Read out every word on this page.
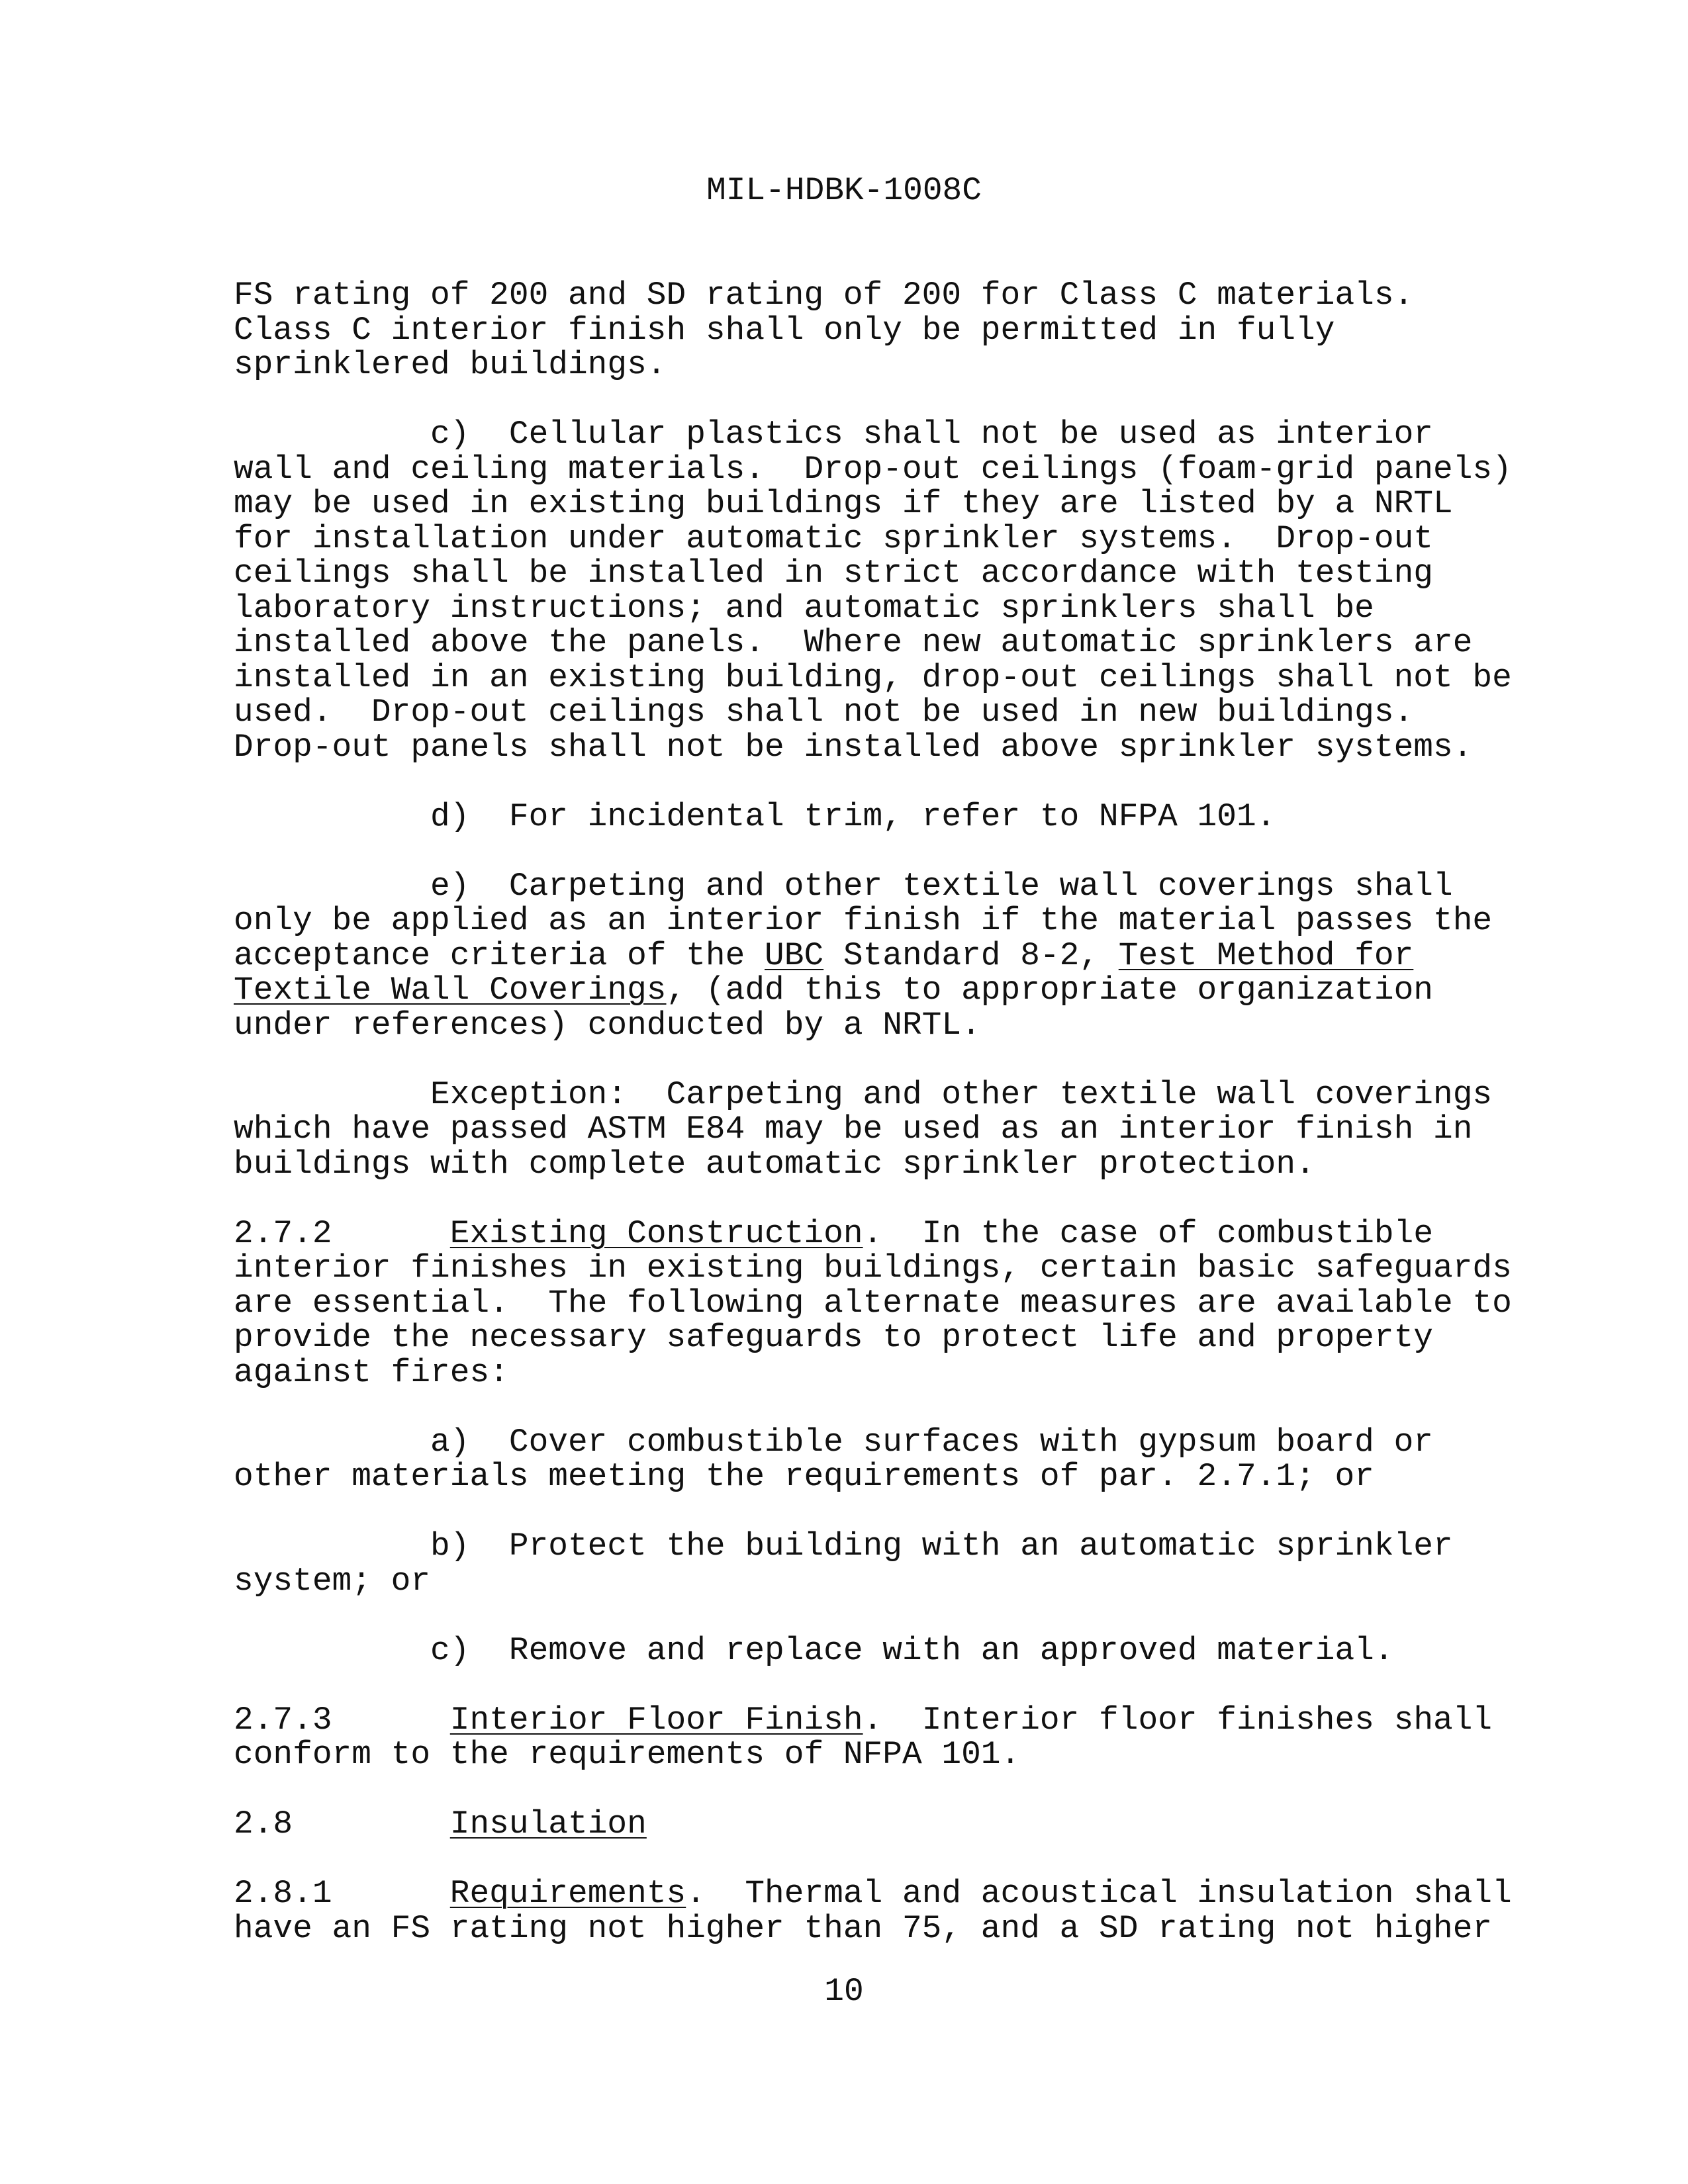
MIL-HDBK-1008C
FS rating of 200 and SD rating of 200 for Class C materials.
Class C interior finish shall only be permitted in fully
sprinklered buildings.
c)  Cellular plastics shall not be used as interior
wall and ceiling materials.  Drop-out ceilings (foam-grid panels)
may be used in existing buildings if they are listed by a NRTL
for installation under automatic sprinkler systems.  Drop-out
ceilings shall be installed in strict accordance with testing
laboratory instructions; and automatic sprinklers shall be
installed above the panels.  Where new automatic sprinklers are
installed in an existing building, drop-out ceilings shall not be
used.  Drop-out ceilings shall not be used in new buildings.
Drop-out panels shall not be installed above sprinkler systems.
d)  For incidental trim, refer to NFPA 101.
e)  Carpeting and other textile wall coverings shall
only be applied as an interior finish if the material passes the
acceptance criteria of the UBC Standard 8-2, Test Method for
Textile Wall Coverings, (add this to appropriate organization
under references) conducted by a NRTL.
Exception:  Carpeting and other textile wall coverings
which have passed ASTM E84 may be used as an interior finish in
buildings with complete automatic sprinkler protection.
2.7.2      Existing Construction.  In the case of combustible
interior finishes in existing buildings, certain basic safeguards
are essential.  The following alternate measures are available to
provide the necessary safeguards to protect life and property
against fires:
a)  Cover combustible surfaces with gypsum board or
other materials meeting the requirements of par. 2.7.1; or
b)  Protect the building with an automatic sprinkler
system; or
c)  Remove and replace with an approved material.
2.7.3      Interior Floor Finish.  Interior floor finishes shall
conform to the requirements of NFPA 101.
2.8        Insulation
2.8.1      Requirements.  Thermal and acoustical insulation shall
have an FS rating not higher than 75, and a SD rating not higher
10
